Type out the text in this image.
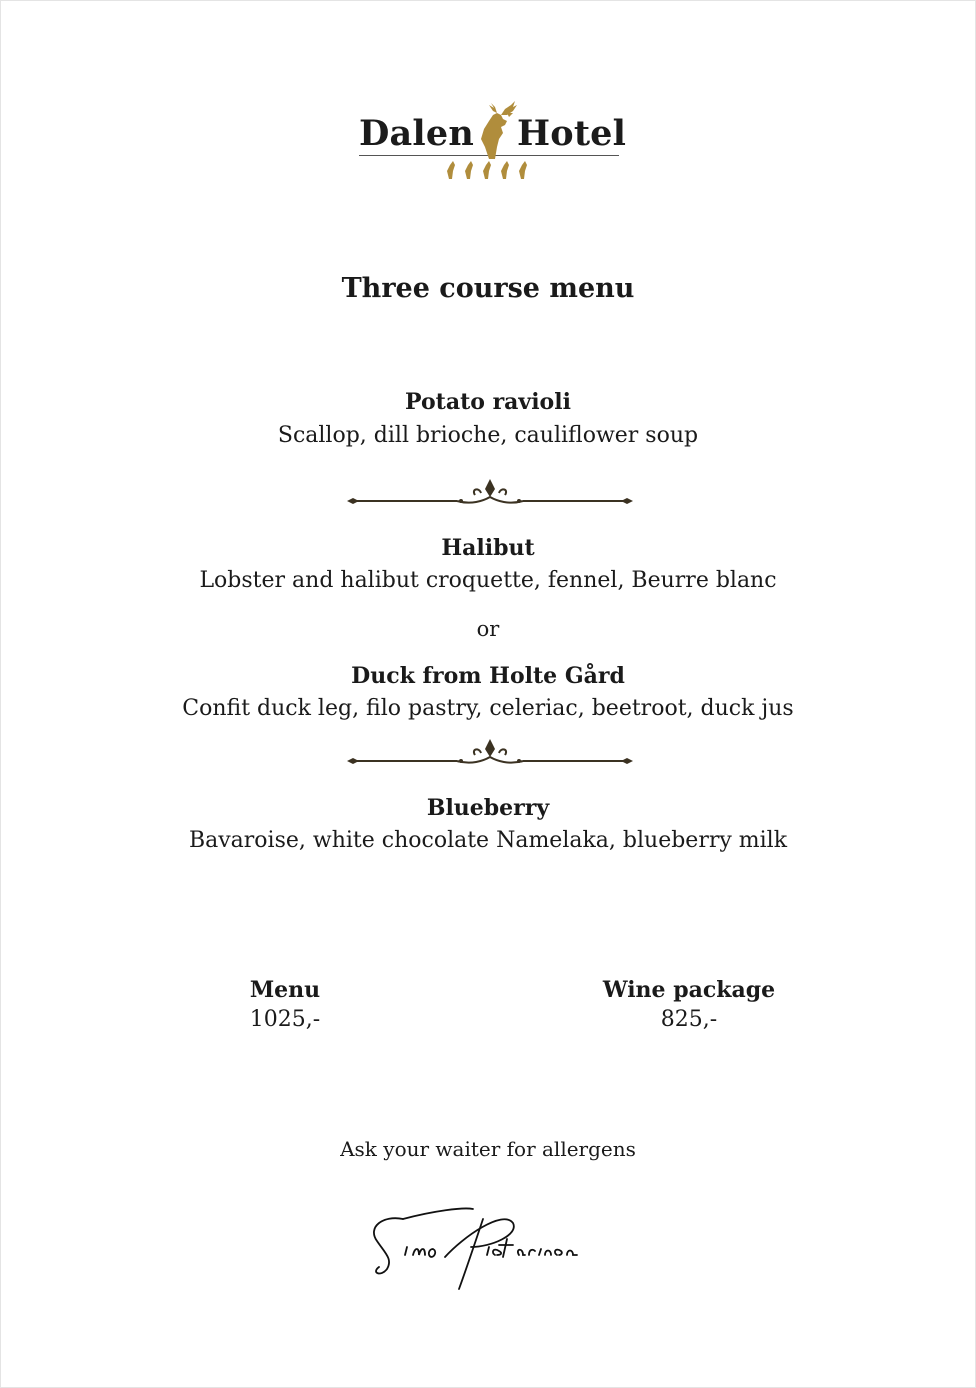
Dalen Hotel
Three course menu
Potato ravioli
Scallop, dill brioche, cauliflower soup
Halibut
Lobster and halibut croquette, fennel, Beurre blanc
or
Duck from Holte Gård
Confit duck leg, filo pastry, celeriac, beetroot, duck jus
Blueberry
Bavaroise, white chocolate Namelaka, blueberry milk
Menu
1025,-
Wine package
825,-
Ask your waiter for allergens
